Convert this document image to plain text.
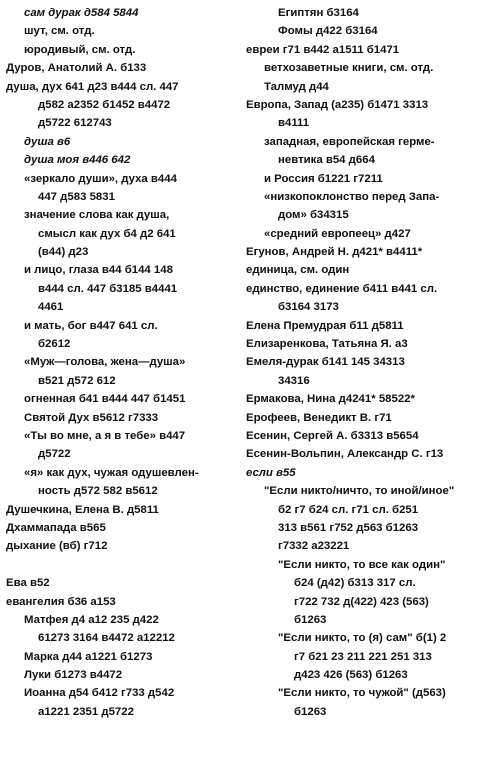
сам дурак д584 5844
шут, см. отд.
юродивый, см. отд.
Дуров, Анатолий А. б133
душа, дух 641 д23 в444 сл. 447
д582 а2352 б1452 в4472
д5722 612743
душа в6
душа моя в446 642
«зеркало души», духа в444
447 д583 5831
значение слова как душа,
смысл как дух б4 д2 641
(в44) д23
и лицо, глаза в44 б144 148
в444 сл. 447 б3185 в4441
4461
и мать, бог в447 641 сл.
б2612
«Муж—голова, жена—душа»
в521 д572 612
огненная б41 в444 447 б1451
Святой Дух в5612 г7333
«Ты во мне, а я в тебе» в447
д5722
«я» как дух, чужая одушевлен-
ность д572 582 в5612
Душечкина, Елена В. д5811
Дхаммапада в565
дыхание (вб) г712
Ева в52
евангелия б36 а153
Матфея д4 а12 235 д422
61273 3164 в4472 а12212
Марка д44 а1221 б1273
Луки б1273 в4472
Иоанна д54 б412 г733 д542
а1221 2351 д5722
Египтян б3164
Фомы д422 б3164
евреи г71 в442 а1511 б1471
ветхозаветные книги, см. отд.
Талмуд д44
Европа, Запад (а235) б1471 3313
в4111
западная, европейская герме-
невтика в54 д664
и Россия б1221 г7211
«низкопоклонство перед Запа-
дом» б34315
«средний европеец» д427
Егунов, Андрей Н. д421* в4411*
единица, см. один
единство, единение б411 в441 сл.
б3164 3173
Елена Премудрая б11 д5811
Елизаренкова, Татьяна Я. а3
Емеля-дурак б141 145 34313
34316
Ермакова, Нина д4241* 58522*
Ерофеев, Венедикт В. г71
Есенин, Сергей А. б3313 в5654
Есенин-Вольпин, Александр С. г13
если в55
"Если никто/ничто, то иной/иное"
б2 г7 б24 сл. г71 сл. б251
313 в561 г752 д563 б1263
г7332 а23221
"Если никто, то все как один"
б24 (д42) б313 317 сл.
г722 732 д(422) 423 (563)
б1263
"Если никто, то (я) сам" б(1) 2
г7 б21 23 211 221 251 313
д423 426 (563) б1263
"Если никто, то чужой" (д563)
б1263
